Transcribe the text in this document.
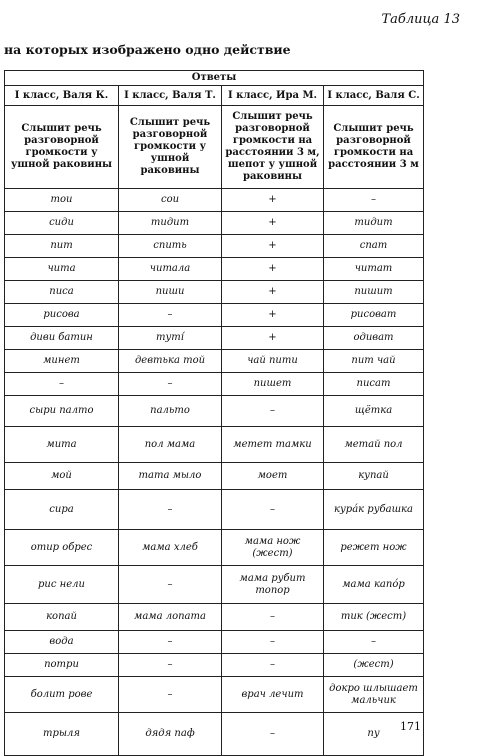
Таблица 13
на которых изображено одно действие
Ответы			
I класс, Валя К.	I класс, Валя Т.	I класс, Ира М.	I класс, Валя С.
Слышит речь разговорной громкости у ушной раковины	Слышит речь разговорной громкости у ушной раковины	Слышит речь разговорной громкости на расстоянии 3 м, шепот у ушной раковины	Слышит речь разговорной громкости на расстоянии 3 м
тои	сои	+	–
сиди	тидит	+	тидит
пит	спить	+	спат
чита	читала	+	читат
писа	пиши	+	пишит
рисова	–	+	рисоват
диви батин	тутí	+	одиват
минет	девтька той	чай пити	пит чай
–	–	пишет	писат
сыри палто	пальто	–	щётка
мита	пол мама	метет тамки	метай пол
мой	тата мыло	моет	купай
сира	–	–	курáк рубашка
отир обрес	мама хлеб	мама нож (жест)	режет нож
рис нели	–	мама рубит топор	мама капóр
копай	мама лопата	–	тик (жест)
вода	–	–	–
потри	–	–	(жест)
болит рове	–	врач лечит	докро шлышает мальчик
трыля	дядя паф	–	пу
171
